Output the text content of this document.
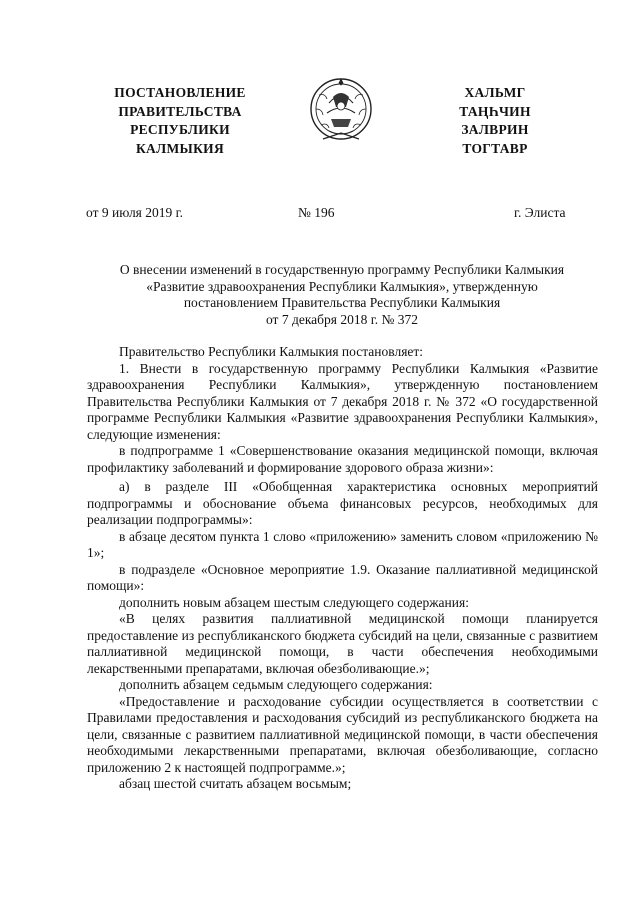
ПОСТАНОВЛЕНИЕ
ПРАВИТЕЛЬСТВА
РЕСПУБЛИКИ
КАЛМЫКИЯ
ХАЛЬМГ
ТАҢҺЧИН
ЗАЛВРИН
ТОГТАВР
от 9 июля 2019 г.	№ 196	г. Элиста
О внесении изменений в государственную программу Республики Калмыкия
«Развитие здравоохранения Республики Калмыкия», утвержденную
постановлением Правительства Республики Калмыкия
от 7 декабря 2018 г. № 372

Правительство Республики Калмыкия постановляет:

1. Внести в государственную программу Республики Калмыкия «Развитие здравоохранения Республики Калмыкия», утвержденную постановлением Правительства Республики Калмыкия от 7 декабря 2018 г. № 372 «О государственной программе Республики Калмыкия «Развитие здравоохранения Республики Калмыкия», следующие изменения:

в подпрограмме 1 «Совершенствование оказания медицинской помощи, включая профилактику заболеваний и формирование здорового образа жизни»:

а) в разделе III «Обобщенная характеристика основных мероприятий подпрограммы и обоснование объема финансовых ресурсов, необходимых для реализации подпрограммы»:

в абзаце десятом пункта 1 слово «приложению» заменить словом «приложению № 1»;

в подразделе «Основное мероприятие 1.9. Оказание паллиативной медицинской помощи»:

дополнить новым абзацем шестым следующего содержания:

«В целях развития паллиативной медицинской помощи планируется предоставление из республиканского бюджета субсидий на цели, связанные с развитием паллиативной медицинской помощи, в части обеспечения необходимыми лекарственными препаратами, включая обезболивающие.»;

дополнить абзацем седьмым следующего содержания:

«Предоставление и расходование субсидии осуществляется в соответствии с Правилами предоставления и расходования субсидий из республиканского бюджета на цели, связанные с развитием паллиативной медицинской помощи, в части обеспечения необходимыми лекарственными препаратами, включая обезболивающие, согласно приложению 2 к настоящей подпрограмме.»;

абзац шестой считать абзацем восьмым;
